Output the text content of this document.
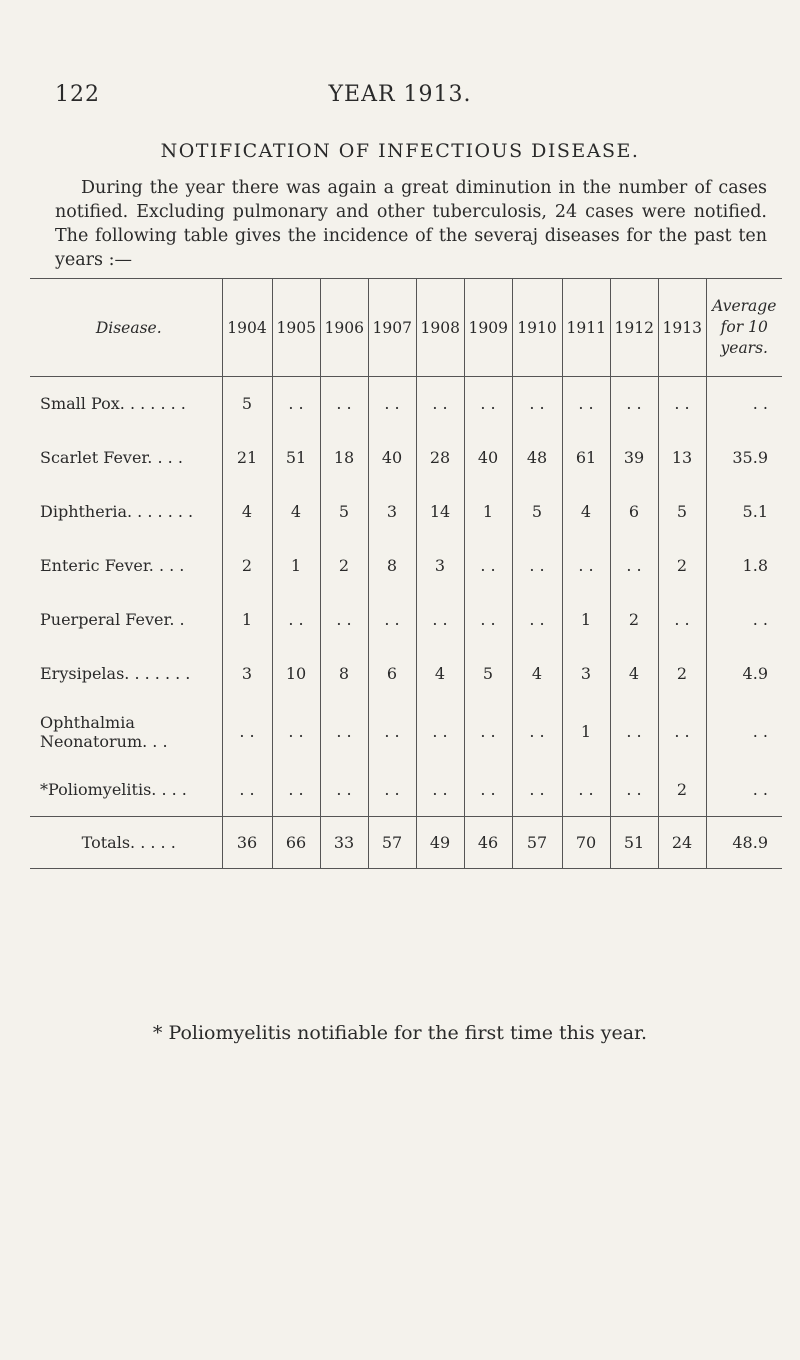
122	YEAR 1913.
NOTIFICATION OF INFECTIOUS DISEASE.

During the year there was again a great diminution in the number of cases notified. Excluding pulmonary and other tuberculosis, 24 cases were notified. The following table gives the incidence of the severaj diseases for the past ten years :—

Disease.	1904	1905	1906	1907	1908	1909	1910	1911	1912	1913	Average for 10 years.
Small Pox. . . . . . .	5	. .	. .	. .	. .	. .	. .	. .	. .	. .	. .
Scarlet Fever. . . .	21	51	18	40	28	40	48	61	39	13	35.9
Diphtheria. . . . . . .	4	4	5	3	14	1	5	4	6	5	5.1
Enteric Fever. . . .	2	1	2	8	3	. .	. .	. .	. .	2	1.8
Puerperal Fever. .	1	. .	. .	. .	. .	. .	. .	1	2	. .	. .
Erysipelas. . . . . . .	3	10	8	6	4	5	4	3	4	2	4.9
Ophthalmia Neonatorum. . .	. .	. .	. .	. .	. .	. .	. .	1	. .	. .	. .
*Poliomyelitis. . . .	. .	. .	. .	. .	. .	. .	. .	. .	. .	2	. .
Totals. . . . .	36	66	33	57	49	46	57	70	51	24	48.9
* Poliomyelitis notifiable for the first time this year.
